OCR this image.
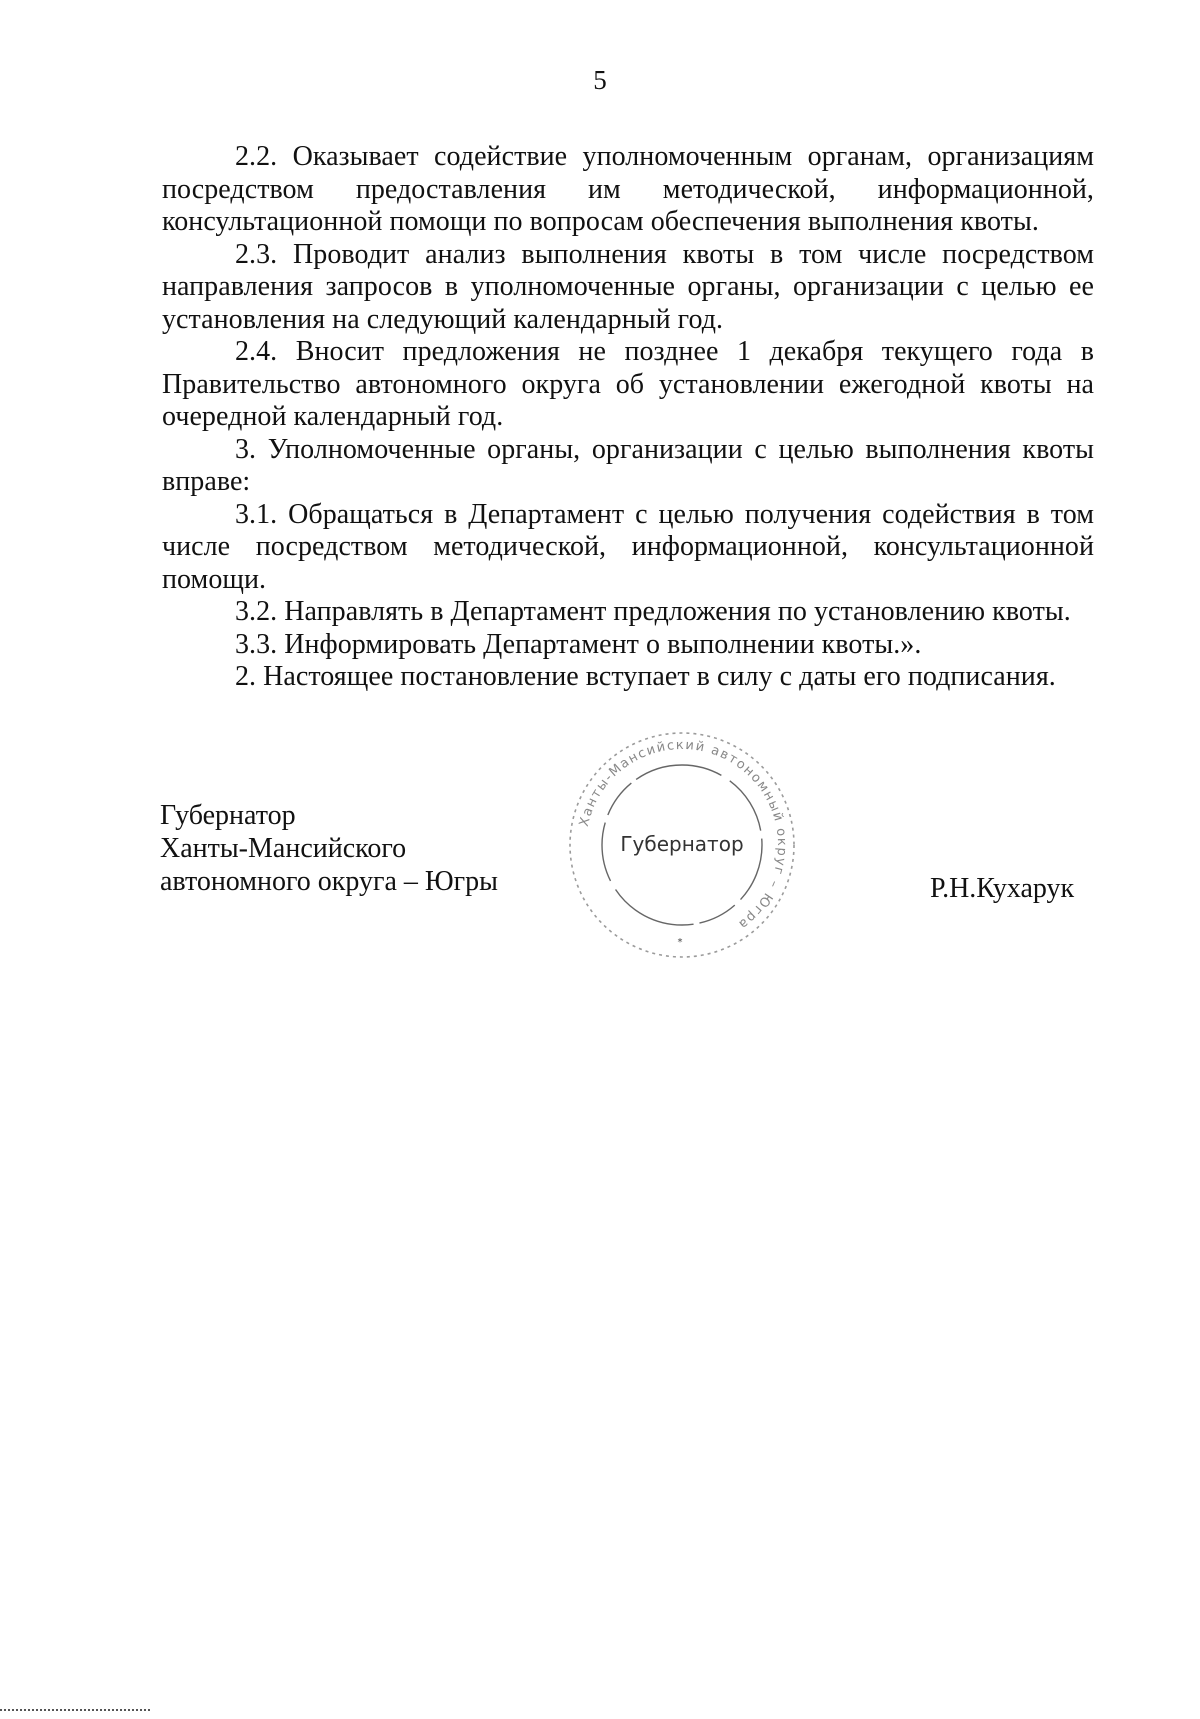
5

2.2. Оказывает содействие уполномоченным органам, организациям посредством предоставления им методической, информационной, консультационной помощи по вопросам обеспечения выполнения квоты.

2.3. Проводит анализ выполнения квоты в том числе посредством направления запросов в уполномоченные органы, организации с целью ее установления на следующий календарный год.

2.4. Вносит предложения не позднее 1 декабря текущего года в Правительство автономного округа об установлении ежегодной квоты на очередной календарный год.

3. Уполномоченные органы, организации с целью выполнения квоты вправе:

3.1. Обращаться в Департамент с целью получения содействия в том числе посредством методической, информационной, консультационной помощи.

3.2. Направлять в Департамент предложения по установлению квоты.

3.3. Информировать Департамент о выполнении квоты.».

2. Настоящее постановление вступает в силу с даты его подписания.

Губернатор
Ханты-Мансийского
автономного округа – Югры
Ханты-Мансийский автономный округ – Югра
Губернатор
*
Р.Н.Кухарук
